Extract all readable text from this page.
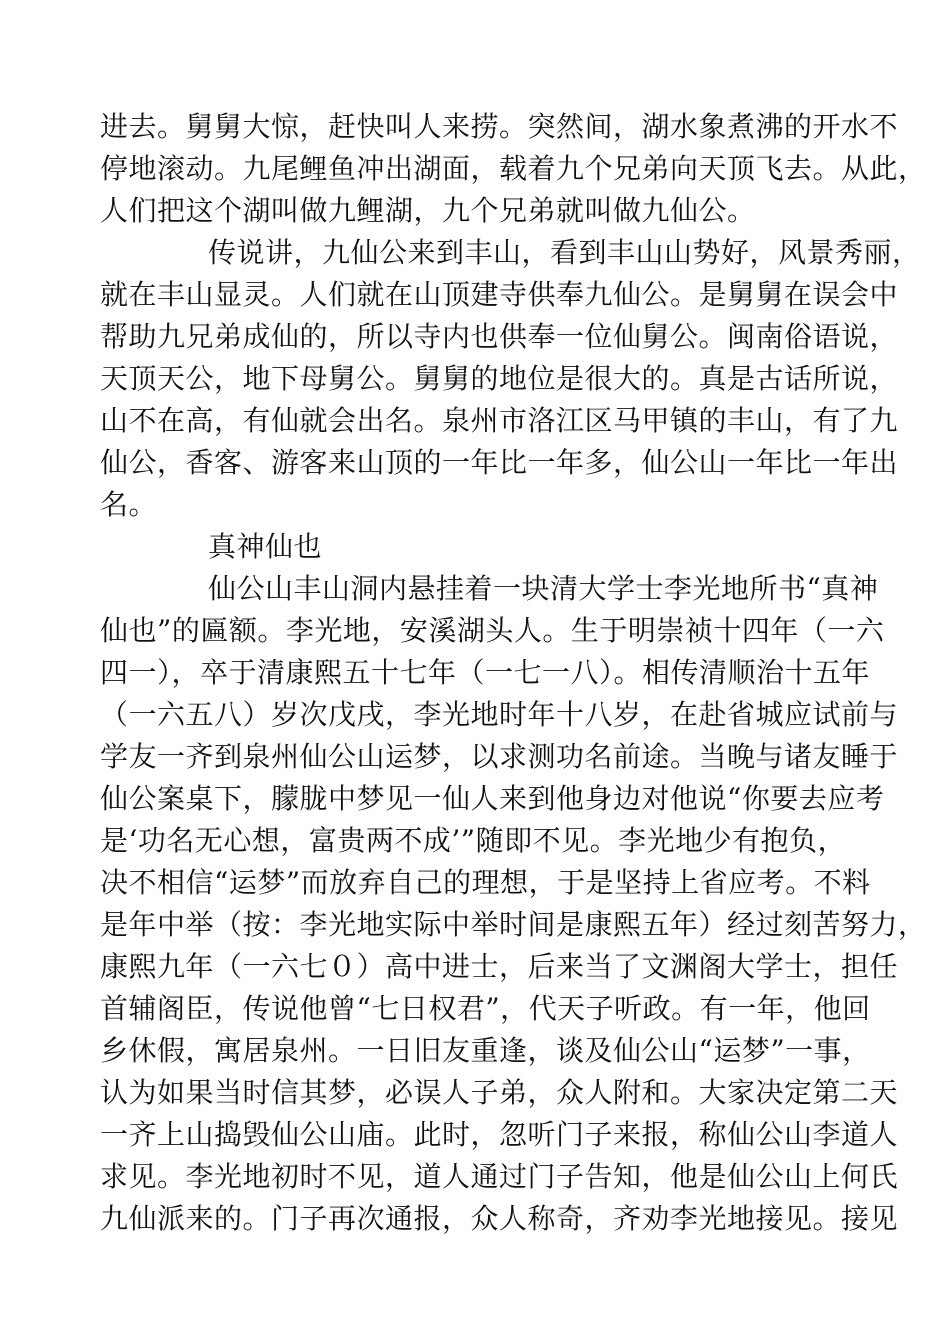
进去。舅舅大惊，赶快叫人来捞。突然间，湖水象煮沸的开水不
停地滚动。九尾鲤鱼冲出湖面，载着九个兄弟向天顶飞去。从此，
人们把这个湖叫做九鲤湖，九个兄弟就叫做九仙公。
传说讲，九仙公来到丰山，看到丰山山势好，风景秀丽，
就在丰山显灵。人们就在山顶建寺供奉九仙公。是舅舅在误会中
帮助九兄弟成仙的，所以寺内也供奉一位仙舅公。闽南俗语说，
天顶天公，地下母舅公。舅舅的地位是很大的。真是古话所说，
山不在高，有仙就会出名。泉州市洛江区马甲镇的丰山，有了九
仙公，香客、游客来山顶的一年比一年多，仙公山一年比一年出
名。
真神仙也
仙公山丰山洞内悬挂着一块清大学士李光地所书“真神
仙也”的匾额。李光地，安溪湖头人。生于明崇祯十四年（一六
四一），卒于清康熙五十七年（一七一八）。相传清顺治十五年
（一六五八）岁次戊戌，李光地时年十八岁，在赴省城应试前与
学友一齐到泉州仙公山运梦，以求测功名前途。当晚与诸友睡于
仙公案桌下，朦胧中梦见一仙人来到他身边对他说“你要去应考
是‘功名无心想，富贵两不成’”随即不见。李光地少有抱负，
决不相信“运梦”而放弃自己的理想，于是坚持上省应考。不料
是年中举（按：李光地实际中举时间是康熙五年）经过刻苦努力，
康熙九年（一六七０）高中进士，后来当了文渊阁大学士，担任
首辅阁臣，传说他曾“七日权君”，代天子听政。有一年，他回
乡休假，寓居泉州。一日旧友重逢，谈及仙公山“运梦”一事，
认为如果当时信其梦，必误人子弟，众人附和。大家决定第二天
一齐上山捣毁仙公山庙。此时，忽听门子来报，称仙公山李道人
求见。李光地初时不见，道人通过门子告知，他是仙公山上何氏
九仙派来的。门子再次通报，众人称奇，齐劝李光地接见。接见
